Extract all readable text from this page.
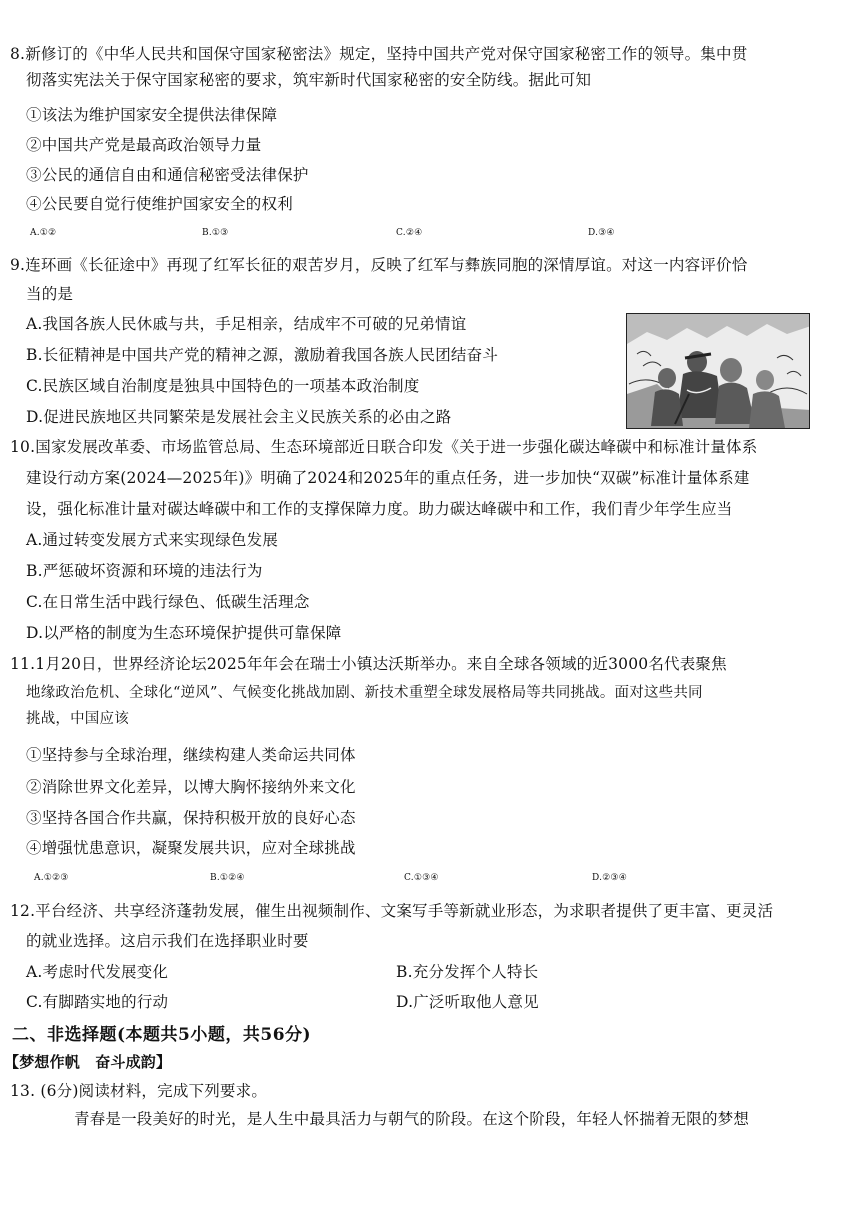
8.新修订的《中华人民共和国保守国家秘密法》规定，坚持中国共产党对保守国家秘密工作的领导。集中贯
彻落实宪法关于保守国家秘密的要求，筑牢新时代国家秘密的安全防线。据此可知
①该法为维护国家安全提供法律保障
②中国共产党是最高政治领导力量
③公民的通信自由和通信秘密受法律保护
④公民要自觉行使维护国家安全的权利
A.①②	B.①③	C.②④	D.③④
9.连环画《长征途中》再现了红军长征的艰苦岁月，反映了红军与彝族同胞的深情厚谊。对这一内容评价恰
当的是
A.我国各族人民休戚与共，手足相亲，结成牢不可破的兄弟情谊
B.长征精神是中国共产党的精神之源，激励着我国各族人民团结奋斗
C.民族区域自治制度是独具中国特色的一项基本政治制度
D.促进民族地区共同繁荣是发展社会主义民族关系的必由之路
10.国家发展改革委、市场监管总局、生态环境部近日联合印发《关于进一步强化碳达峰碳中和标准计量体系
建设行动方案(2024—2025年)》明确了2024和2025年的重点任务，进一步加快“双碳”标准计量体系建
设，强化标准计量对碳达峰碳中和工作的支撑保障力度。助力碳达峰碳中和工作，我们青少年学生应当
A.通过转变发展方式来实现绿色发展
B.严惩破坏资源和环境的违法行为
C.在日常生活中践行绿色、低碳生活理念
D.以严格的制度为生态环境保护提供可靠保障
11.1月20日，世界经济论坛2025年年会在瑞士小镇达沃斯举办。来自全球各领域的近3000名代表聚焦
地缘政治危机、全球化“逆风”、气候变化挑战加剧、新技术重塑全球发展格局等共同挑战。面对这些共同
挑战，中国应该
①坚持参与全球治理，继续构建人类命运共同体
②消除世界文化差异，以博大胸怀接纳外来文化
③坚持各国合作共赢，保持积极开放的良好心态
④增强忧患意识，凝聚发展共识，应对全球挑战
A.①②③	B.①②④	C.①③④	D.②③④
12.平台经济、共享经济蓬勃发展，催生出视频制作、文案写手等新就业形态，为求职者提供了更丰富、更灵活
的就业选择。这启示我们在选择职业时要
A.考虑时代发展变化	B.充分发挥个人特长
C.有脚踏实地的行动	D.广泛听取他人意见
二、非选择题(本题共5小题，共56分)
【梦想作帆　奋斗成韵】
13. (6分)阅读材料，完成下列要求。
青春是一段美好的时光，是人生中最具活力与朝气的阶段。在这个阶段，年轻人怀揣着无限的梦想
